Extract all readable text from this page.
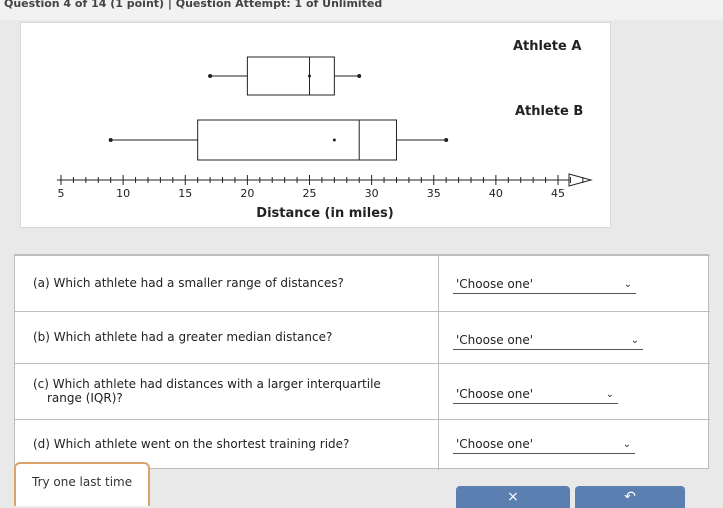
Question 4 of 14 (1 point) | Question Attempt: 1 of Unlimited
Athlete A
Athlete B
5	10	15	20	25	30	35	40	45
Distance (in miles)
(a) Which athlete had a smaller range of distances?	'Choose one'	⌄
(b) Which athlete had a greater median distance?	'Choose one'	⌄
(c) Which athlete had distances with a larger interquartile
range (IQR)?	'Choose one'	⌄
(d) Which athlete went on the shortest training ride?	'Choose one'	⌄
Try one last time
×	↶
